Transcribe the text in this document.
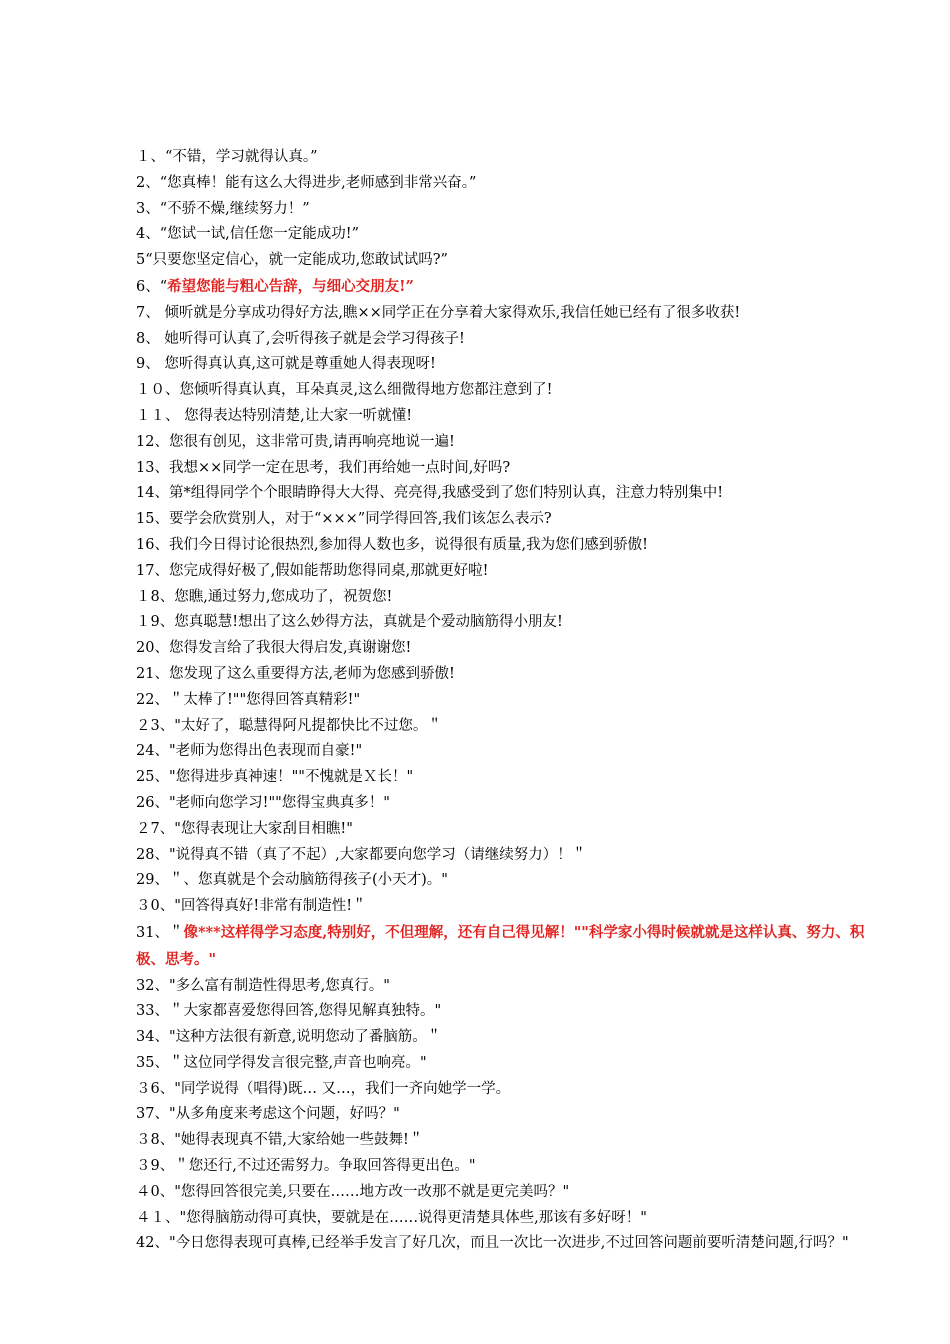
１、“不错，学习就得认真。”
2、“您真棒！能有这么大得进步,老师感到非常兴奋。”
3、“不骄不燥,继续努力！”
4、“您试一试,信任您一定能成功!”
5“只要您坚定信心，就一定能成功,您敢试试吗?”
6、“希望您能与粗心告辞，与细心交朋友!”
7、 倾听就是分享成功得好方法,瞧××同学正在分享着大家得欢乐,我信任她已经有了很多收获!
8、 她听得可认真了,会听得孩子就是会学习得孩子!
9、 您听得真认真,这可就是尊重她人得表现呀!
１０、您倾听得真认真，耳朵真灵,这么细微得地方您都注意到了!
１１、 您得表达特别清楚,让大家一听就懂!
12、您很有创见，这非常可贵,请再响亮地说一遍!
13、我想××同学一定在思考，我们再给她一点时间,好吗?
14、第*组得同学个个眼睛睁得大大得、亮亮得,我感受到了您们特别认真，注意力特别集中!
15、要学会欣赏别人，对于“×××”同学得回答,我们该怎么表示?
16、我们今日得讨论很热烈,参加得人数也多，说得很有质量,我为您们感到骄傲!
17、您完成得好极了,假如能帮助您得同桌,那就更好啦!
１8、您瞧,通过努力,您成功了，祝贺您!
１9、您真聪慧!想出了这么妙得方法，真就是个爱动脑筋得小朋友!
20、您得发言给了我很大得启发,真谢谢您!
21、您发现了这么重要得方法,老师为您感到骄傲!
22、＂太棒了!""您得回答真精彩!"
２3、"太好了，聪慧得阿凡提都快比不过您。＂
24、"老师为您得出色表现而自豪!"
25、"您得进步真神速！""不愧就是Ｘ长！"
26、"老师向您学习!""您得宝典真多！"
２7、"您得表现让大家刮目相瞧!"
28、"说得真不错（真了不起）,大家都要向您学习（请继续努力）！＂
29、＂、您真就是个会动脑筋得孩子(小天才)。"
３0、"回答得真好!非常有制造性!＂
31、＂像***这样得学习态度,特别好，不但理解，还有自己得见解！""科学家小得时候就就是这样认真、努力、积极、思考。"
32、"多么富有制造性得思考,您真行。"
33、＂大家都喜爱您得回答,您得见解真独特。"
34、"这种方法很有新意,说明您动了番脑筋。＂
35、＂这位同学得发言很完整,声音也响亮。"
３6、"同学说得（唱得)既… 又…，我们一齐向她学一学。
37、"从多角度来考虑这个问题，好吗？"
３8、"她得表现真不错,大家给她一些鼓舞!＂
３9、＂您还行,不过还需努力。争取回答得更出色。"
４0、"您得回答很完美,只要在……地方改一改那不就是更完美吗？"
４１、"您得脑筋动得可真快，要就是在……说得更清楚具体些,那该有多好呀！"
42、"今日您得表现可真棒,已经举手发言了好几次，而且一次比一次进步,不过回答问题前要听清楚问题,行吗？"
